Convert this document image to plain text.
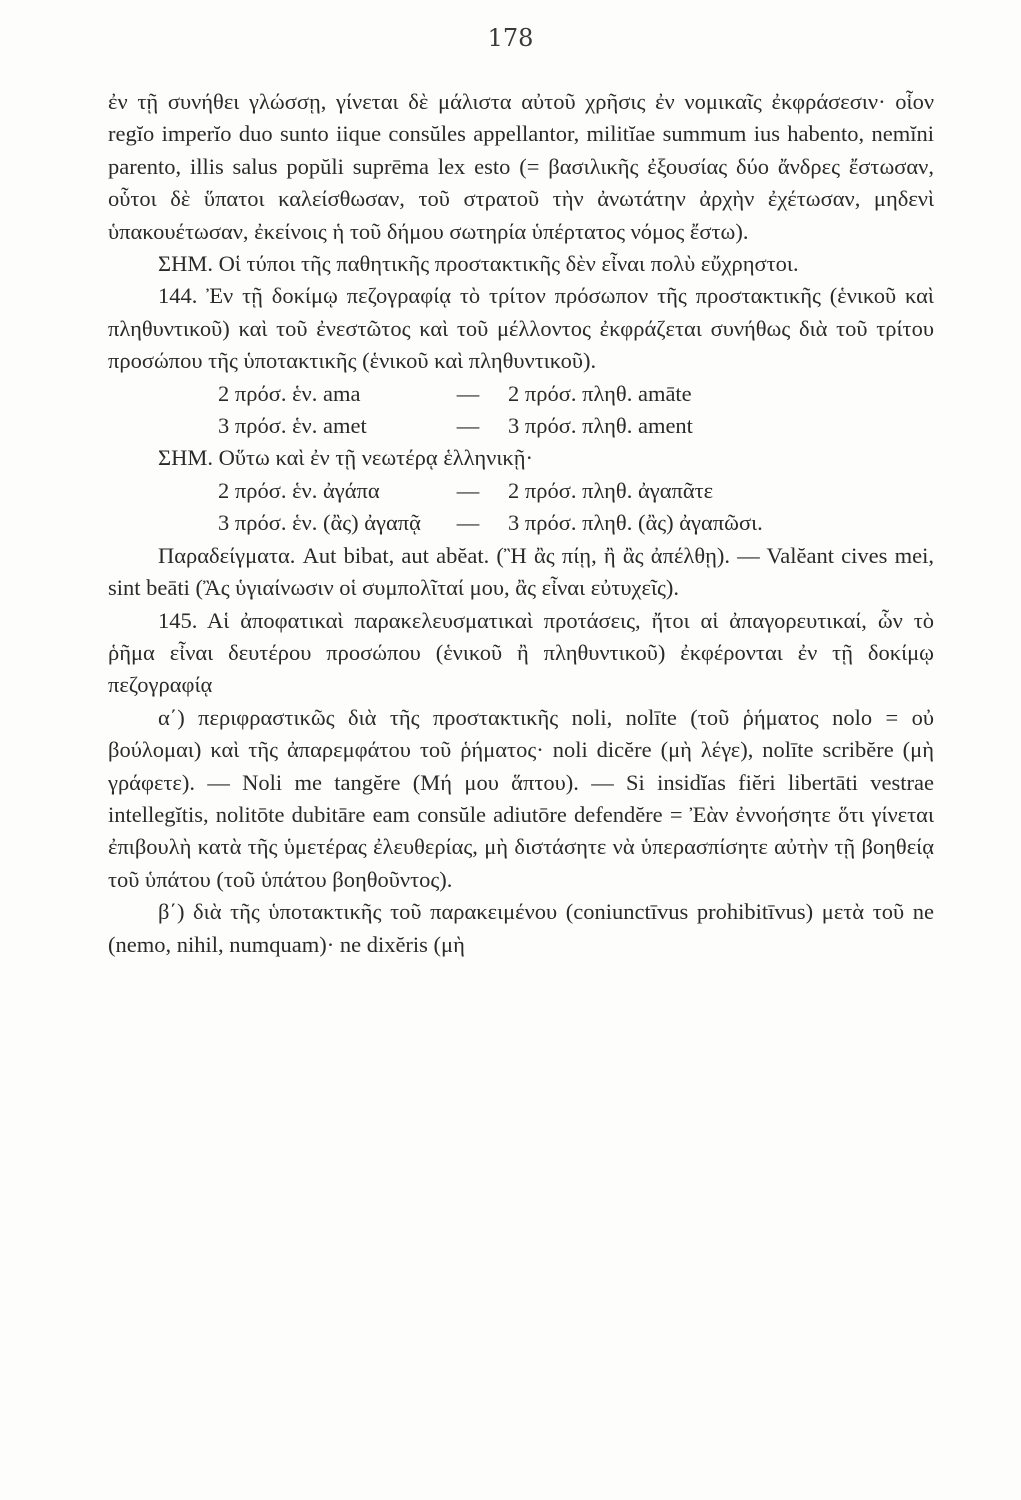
178

ἐν τῇ συνήθει γλώσσῃ, γίνεται δὲ μάλιστα αὐτοῦ χρῆσις ἐν νομικαῖς ἐκφράσεσιν· οἷον regĭo imperĭo duo sunto iique consŭles appellantor, militĭae summum ius habento, nemĭni parento, illis salus popŭli suprēma lex esto (= βασιλικῆς ἐξουσίας δύο ἄνδρες ἔστωσαν, οὗτοι δὲ ὕπατοι καλείσθωσαν, τοῦ στρατοῦ τὴν ἀνωτάτην ἀρχὴν ἐχέτωσαν, μηδενὶ ὑπακουέτωσαν, ἐκείνοις ἡ τοῦ δήμου σωτηρία ὑπέρτατος νόμος ἔστω).

ΣΗΜ. Οἱ τύποι τῆς παθητικῆς προστακτικῆς δὲν εἶναι πολὺ εὔχρηστοι.

144. Ἐν τῇ δοκίμῳ πεζογραφίᾳ τὸ τρίτον πρόσωπον τῆς προστακτικῆς (ἑνικοῦ καὶ πληθυντικοῦ) καὶ τοῦ ἐνεστῶτος καὶ τοῦ μέλλοντος ἐκφράζεται συνήθως διὰ τοῦ τρίτου προσώπου τῆς ὑποτακτικῆς (ἑνικοῦ καὶ πληθυντικοῦ).

2 πρόσ. ἑν. ama	—	2 πρόσ. πληθ. amāte
3 πρόσ. ἑν. amet	—	3 πρόσ. πληθ. ament

ΣΗΜ. Οὕτω καὶ ἐν τῇ νεωτέρᾳ ἑλληνικῇ·

2 πρόσ. ἑν. ἀγάπα	—	2 πρόσ. πληθ. ἀγαπᾶτε
3 πρόσ. ἑν. (ἂς) ἀγαπᾷ	—	3 πρόσ. πληθ. (ἂς) ἀγαπῶσι.

Παραδείγματα. Aut bibat, aut abĕat. (Ἢ ἂς πίῃ, ἢ ἂς ἀπέλθῃ). — Valĕant cives mei, sint beāti (Ἂς ὑγιαίνωσιν οἱ συμπολῖταί μου, ἂς εἶναι εὐτυχεῖς).

145. Αἱ ἀποφατικαὶ παρακελευσματικαὶ προτάσεις, ἤτοι αἱ ἀπαγορευτικαί, ὧν τὸ ῥῆμα εἶναι δευτέρου προσώπου (ἑνικοῦ ἢ πληθυντικοῦ) ἐκφέρονται ἐν τῇ δοκίμῳ πεζογραφίᾳ

α΄) περιφραστικῶς διὰ τῆς προστακτικῆς noli, nolīte (τοῦ ῥήματος nolo = οὐ βούλομαι) καὶ τῆς ἀπαρεμφάτου τοῦ ῥήματος· noli dicĕre (μὴ λέγε), nolīte scribĕre (μὴ γράφετε). — Noli me tangĕre (Μή μου ἅπτου). — Si insidĭas fiĕri libertāti vestrae intellegĭtis, nolitōte dubitāre eam consŭle adiutōre defendĕre = Ἐὰν ἐννοήσητε ὅτι γίνεται ἐπιβουλὴ κατὰ τῆς ὑμετέρας ἐλευθερίας, μὴ διστάσητε νὰ ὑπερασπίσητε αὐτὴν τῇ βοηθείᾳ τοῦ ὑπάτου (τοῦ ὑπάτου βοηθοῦντος).

β΄) διὰ τῆς ὑποτακτικῆς τοῦ παρακειμένου (coniunctīvus prohibitīvus) μετὰ τοῦ ne (nemo, nihil, numquam)· ne dixĕris (μὴ
